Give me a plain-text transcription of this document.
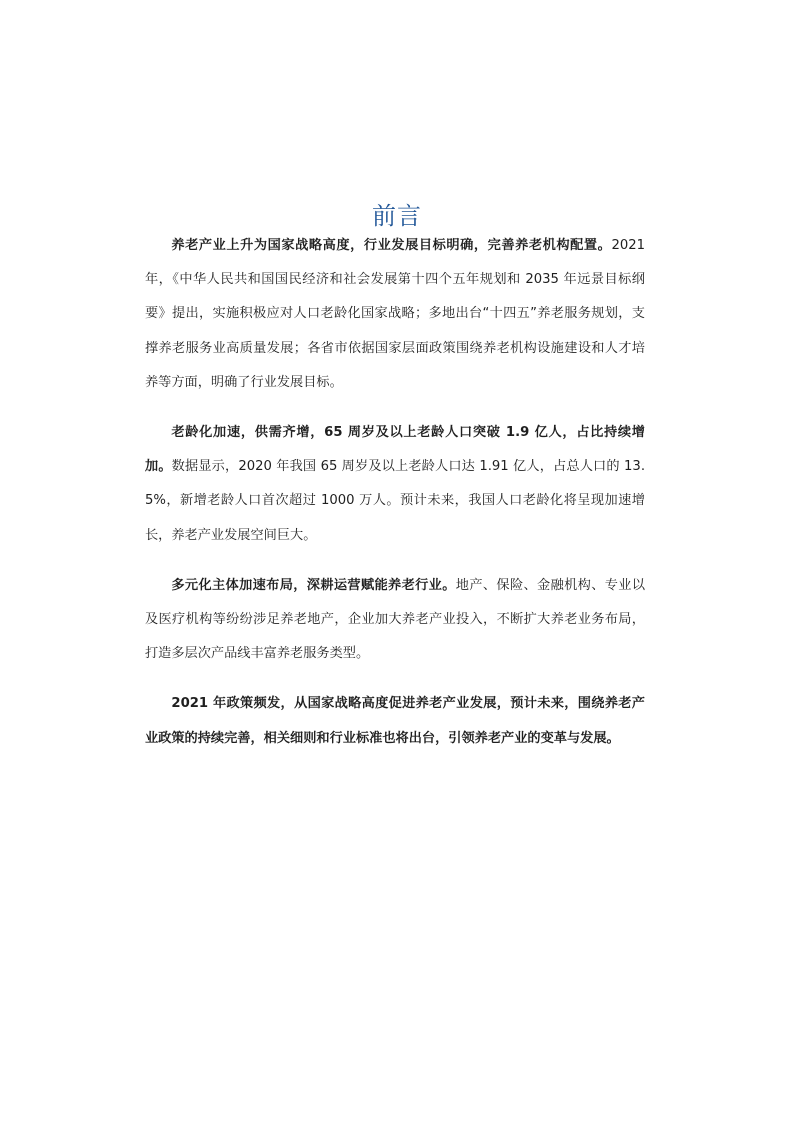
前言

养老产业上升为国家战略高度，行业发展目标明确，完善养老机构配置。2021年，《中华人民共和国国民经济和社会发展第十四个五年规划和 2035 年远景目标纲要》提出，实施积极应对人口老龄化国家战略；多地出台“十四五”养老服务规划，支撑养老服务业高质量发展；各省市依据国家层面政策围绕养老机构设施建设和人才培养等方面，明确了行业发展目标。

老龄化加速，供需齐增，65 周岁及以上老龄人口突破 1.9 亿人，占比持续增加。数据显示，2020 年我国 65 周岁及以上老龄人口达 1.91 亿人，占总人口的 13.5%，新增老龄人口首次超过 1000 万人。预计未来，我国人口老龄化将呈现加速增长，养老产业发展空间巨大。

多元化主体加速布局，深耕运营赋能养老行业。地产、保险、金融机构、专业以及医疗机构等纷纷涉足养老地产，企业加大养老产业投入，不断扩大养老业务布局，打造多层次产品线丰富养老服务类型。

2021 年政策频发，从国家战略高度促进养老产业发展，预计未来，围绕养老产业政策的持续完善，相关细则和行业标准也将出台，引领养老产业的变革与发展。
